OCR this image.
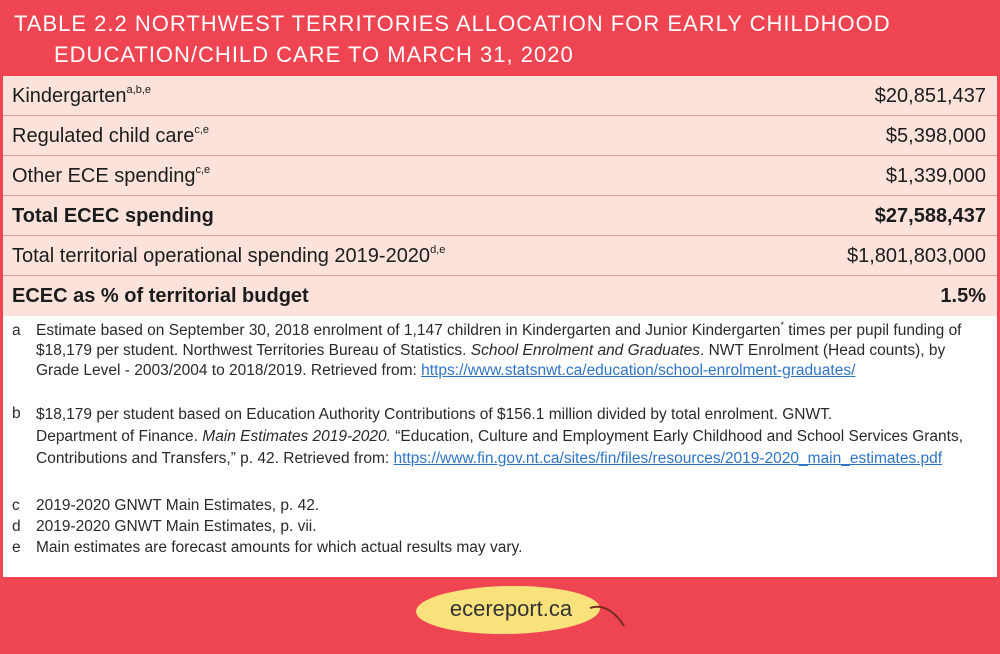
TABLE 2.2 NORTHWEST TERRITORIES ALLOCATION FOR EARLY CHILDHOOD
EDUCATION/CHILD CARE TO MARCH 31, 2020
Kindergarten$^{a,b,e}$	$20,851,437
Regulated child care$^{c,e}$	$5,398,000
Other ECE spending$^{c,e}$	$1,339,000
Total ECEC spending	$27,588,437
Total territorial operational spending 2019-2020$^{d,e}$	$1,801,803,000
ECEC as % of territorial budget	1.5%
a Estimate based on September 30, 2018 enrolment of 1,147 children in Kindergarten and Junior Kindergarten* times per pupil funding of $18,179 per student. Northwest Territories Bureau of Statistics. School Enrolment and Graduates. NWT Enrolment (Head counts), by Grade Level - 2003/2004 to 2018/2019. Retrieved from: https://www.statsnwt.ca/education/school-enrolment-graduates/
b $18,179 per student based on Education Authority Contributions of $156.1 million divided by total enrolment. GNWT.
Department of Finance. Main Estimates 2019-2020. “Education, Culture and Employment Early Childhood and School Services Grants, Contributions and Transfers,” p. 42. Retrieved from: https://www.fin.gov.nt.ca/sites/fin/files/resources/2019-2020_main_estimates.pdf
c 2019-2020 GNWT Main Estimates, p. 42.
d 2019-2020 GNWT Main Estimates, p. vii.
e Main estimates are forecast amounts for which actual results may vary.
ecereport.ca
